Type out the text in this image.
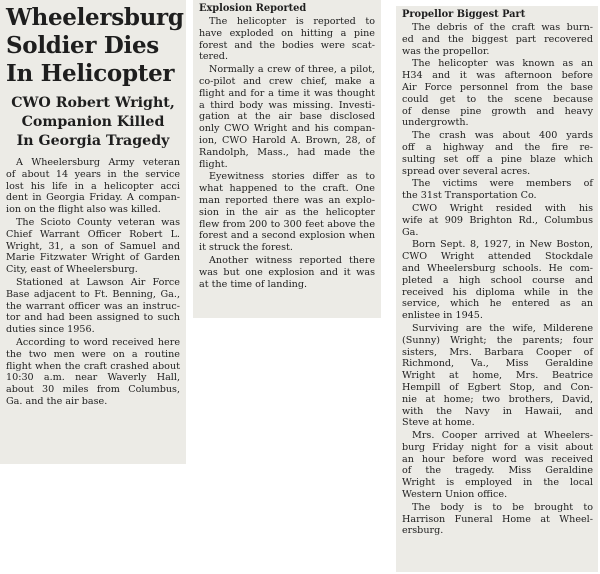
Wheelersburg
Soldier Dies
In Helicopter
CWO Robert Wright,
Companion Killed
In Georgia Tragedy
A Wheelersburg Army veteran
of about 14 years in the service
lost his life in a helicopter acci
dent in Georgia Friday. A compan-
ion on the flight also was killed.
The Scioto County veteran was
Chief Warrant Officer Robert L.
Wright, 31, a son of Samuel and
Marie Fitzwater Wright of Garden
City, east of Wheelersburg.
Stationed at Lawson Air Force
Base adjacent to Ft. Benning, Ga.,
the warrant officer was an instruc-
tor and had been assigned to such
duties since 1956.
According to word received here
the two men were on a routine
flight when the craft crashed about
10:30 a.m. near Waverly Hall,
about 30 miles from Columbus,
Ga. and the air base.
Explosion Reported
The helicopter is reported to
have exploded on hitting a pine
forest and the bodies were scat-
tered.
Normally a crew of three, a pilot,
co-pilot and crew chief, make a
flight and for a time it was thought
a third body was missing. Investi-
gation at the air base disclosed
only CWO Wright and his compan-
ion, CWO Harold A. Brown, 28, of
Randolph, Mass., had made the
flight.
Eyewitness stories differ as to
what happened to the craft. One
man reported there was an explo-
sion in the air as the helicopter
flew from 200 to 300 feet above the
forest and a second explosion when
it struck the forest.
Another witness reported there
was but one explosion and it was
at the time of landing.
Propellor Biggest Part
The debris of the craft was burn-
ed and the biggest part recovered
was the propellor.
The helicopter was known as an
H34 and it was afternoon before
Air Force personnel from the base
could get to the scene because
of dense pine growth and heavy
undergrowth.
The crash was about 400 yards
off a highway and the fire re-
sulting set off a pine blaze which
spread over several acres.
The victims were members of
the 31st Transportation Co.
CWO Wright resided with his
wife at 909 Brighton Rd., Columbus
Ga.
Born Sept. 8, 1927, in New Boston,
CWO Wright attended Stockdale
and Wheelersburg schools. He com-
pleted a high school course and
received his diploma while in the
service, which he entered as an
enlistee in 1945.
Surviving are the wife, Milderene
(Sunny) Wright; the parents; four
sisters, Mrs. Barbara Cooper of
Richmond, Va., Miss Geraldine
Wright at home, Mrs. Beatrice
Hempill of Egbert Stop, and Con-
nie at home; two brothers, David,
with the Navy in Hawaii, and
Steve at home.
Mrs. Cooper arrived at Wheelers-
burg Friday night for a visit about
an hour before word was received
of the tragedy. Miss Geraldine
Wright is employed in the local
Western Union office.
The body is to be brought to
Harrison Funeral Home at Wheel-
ersburg.
